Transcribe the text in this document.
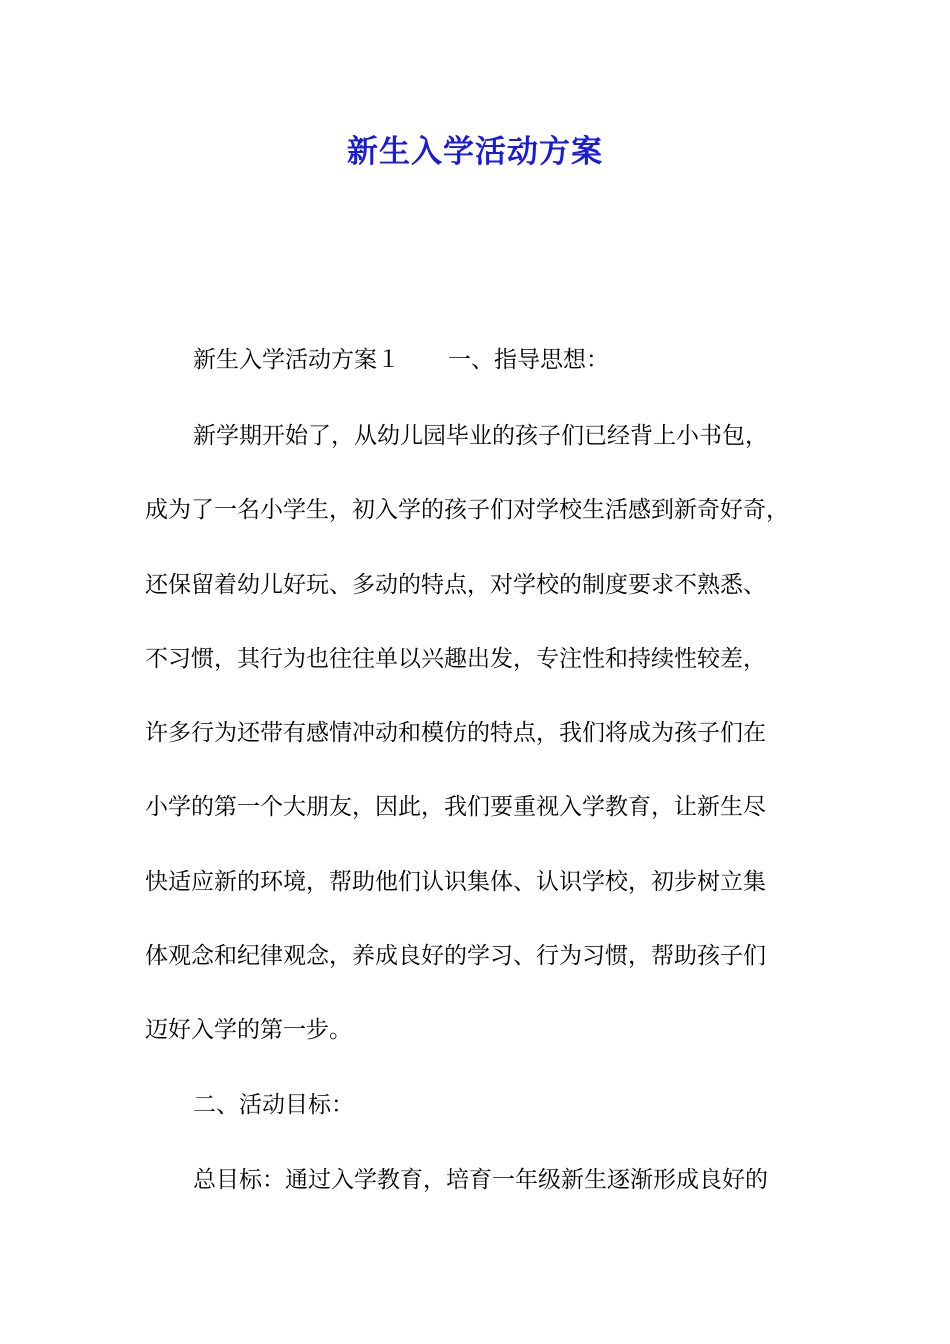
新生入学活动方案
新生入学活动方案１ 一、指导思想：
新学期开始了，从幼儿园毕业的孩子们已经背上小书包，
成为了一名小学生，初入学的孩子们对学校生活感到新奇好奇，
还保留着幼儿好玩、多动的特点，对学校的制度要求不熟悉、
不习惯，其行为也往往单以兴趣出发，专注性和持续性较差，
许多行为还带有感情冲动和模仿的特点，我们将成为孩子们在
小学的第一个大朋友，因此，我们要重视入学教育，让新生尽
快适应新的环境，帮助他们认识集体、认识学校，初步树立集
体观念和纪律观念，养成良好的学习、行为习惯，帮助孩子们
迈好入学的第一步。
二、活动目标：
总目标：通过入学教育，培育一年级新生逐渐形成良好的
